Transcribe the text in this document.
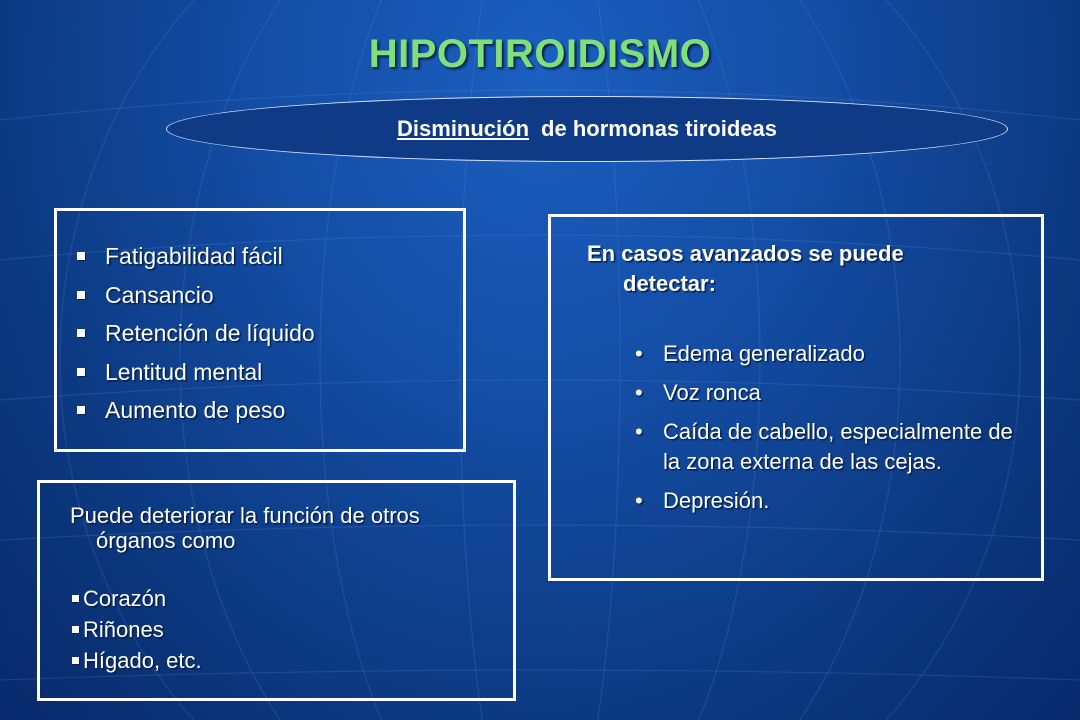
HIPOTIROIDISMO
Disminución de hormonas tiroideas
Fatigabilidad fácil
Cansancio
Retención de líquido
Lentitud mental
Aumento de peso
Puede deteriorar la función de otros
órganos como
Corazón
Riñones
Hígado, etc.
En casos avanzados se puede
detectar:
• Edema generalizado
• Voz ronca
• Caída de cabello, especialmente de la zona externa de las cejas.
• Depresión.
